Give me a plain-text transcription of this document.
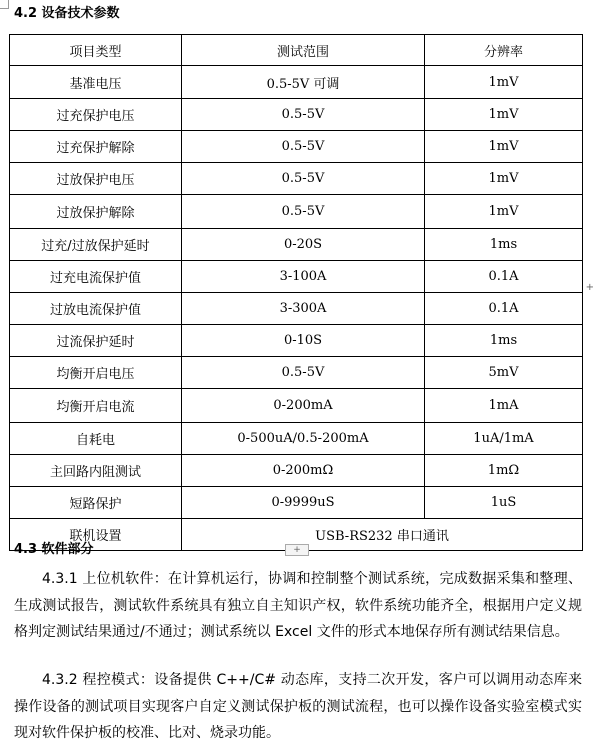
4.2 设备技术参数
项目类型	测试范围	分辨率
基准电压	0.5-5V 可调	1mV
过充保护电压	0.5-5V	1mV
过充保护解除	0.5-5V	1mV
过放保护电压	0.5-5V	1mV
过放保护解除	0.5-5V	1mV
过充/过放保护延时	0-20S	1ms
过充电流保护值	3-100A	0.1A
过放电流保护值	3-300A	0.1A
过流保护延时	0-10S	1ms
均衡开启电压	0.5-5V	5mV
均衡开启电流	0-200mA	1mA
自耗电	0-500uA/0.5-200mA	1uA/1mA
主回路内阻测试	0-200mΩ	1mΩ
短路保护	0-9999uS	1uS
联机设置	USB-RS232 串口通讯	
+
+
4.3 软件部分
4.3.1 上位机软件：在计算机运行，协调和控制整个测试系统，完成数据采集和整理、生成测试报告，测试软件系统具有独立自主知识产权，软件系统功能齐全，根据用户定义规格判定测试结果通过/不通过；测试系统以 Excel 文件的形式本地保存所有测试结果信息。
4.3.2 程控模式：设备提供 C++/C# 动态库，支持二次开发，客户可以调用动态库来操作设备的测试项目实现客户自定义测试保护板的测试流程，也可以操作设备实验室模式实现对软件保护板的校准、比对、烧录功能。
